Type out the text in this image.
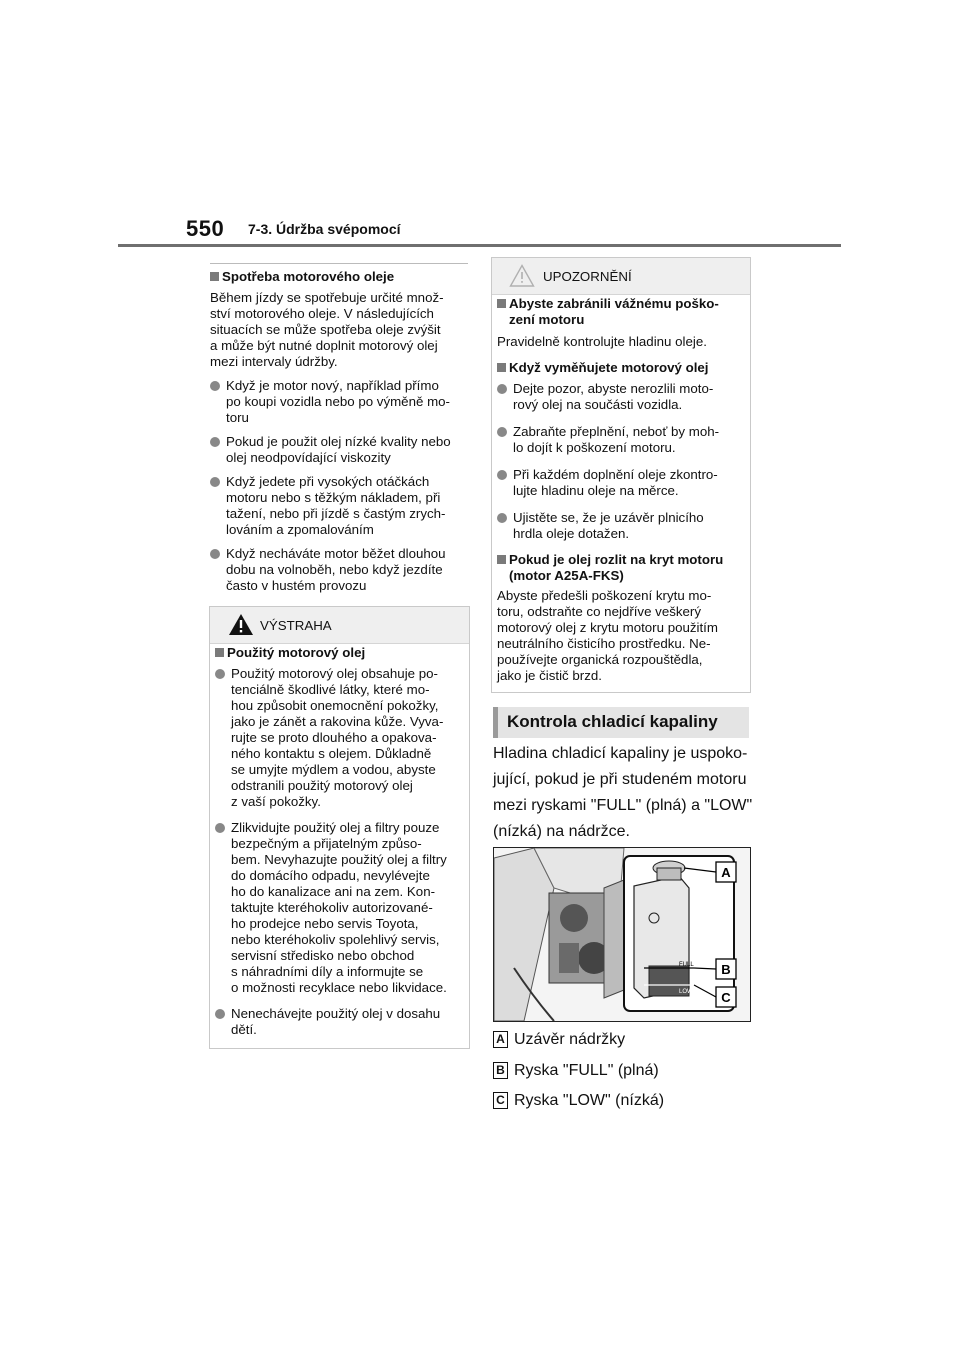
550 7-3. Údržba svépomocí

Spotřeba motorového oleje

Během jízdy se spotřebuje určité množ-

ství motorového oleje. V následujících

situacích se může spotřeba oleje zvýšit

a může být nutné doplnit motorový olej

mezi intervaly údržby.

Když je motor nový, například přímo

po koupi vozidla nebo po výměně mo-

toru

Pokud je použit olej nízké kvality nebo

olej neodpovídající viskozity

Když jedete při vysokých otáčkách

motoru nebo s těžkým nákladem, při

tažení, nebo při jízdě s častým zrych-

lováním a zpomalováním

Když necháváte motor běžet dlouhou

dobu na volnoběh, nebo když jezdíte

často v hustém provozu

VÝSTRAHA

Použitý motorový olej

Použitý motorový olej obsahuje po-

tenciálně škodlivé látky, které mo-

hou způsobit onemocnění pokožky,

jako je zánět a rakovina kůže. Vyva-

rujte se proto dlouhého a opakova-

ného kontaktu s olejem. Důkladně

se umyjte mýdlem a vodou, abyste

odstranili použitý motorový olej

z vaší pokožky.

Zlikvidujte použitý olej a filtry pouze

bezpečným a přijatelným způso-

bem. Nevyhazujte použitý olej a filtry

do domácího odpadu, nevylévejte

ho do kanalizace ani na zem. Kon-

taktujte kteréhokoliv autorizované-

ho prodejce nebo servis Toyota,

nebo kteréhokoliv spolehlivý servis,

servisní středisko nebo obchod

s náhradními díly a informujte se

o možnosti recyklace nebo likvidace.

Nenechávejte použitý olej v dosahu

dětí.

UPOZORNĚNÍ

Abyste zabránili vážnému poško-

zení motoru

Pravidelně kontrolujte hladinu oleje.

Když vyměňujete motorový olej

Dejte pozor, abyste nerozlili moto-

rový olej na součásti vozidla.

Zabraňte přeplnění, neboť by moh-

lo dojít k poškození motoru.

Při každém doplnění oleje zkontro-

lujte hladinu oleje na měrce.

Ujistěte se, že je uzávěr plnicího

hrdla oleje dotažen.

Pokud je olej rozlit na kryt motoru

(motor A25A-FKS)

Abyste předešli poškození krytu mo-

toru, odstraňte co nejdříve veškerý

motorový olej z krytu motoru použitím

neutrálního čisticího prostředku. Ne-

používejte organická rozpouštědla,

jako je čistič brzd.

Kontrola chladicí kapaliny
Hladina chladicí kapaliny je uspoko-
jující, pokud je při studeném motoru
mezi ryskami "FULL" (plná) a "LOW"
(nízká) na nádržce.
FULL
LOW
A
B
C
A Uzávěr nádržky
B Ryska "FULL" (plná)
C Ryska "LOW" (nízká)
